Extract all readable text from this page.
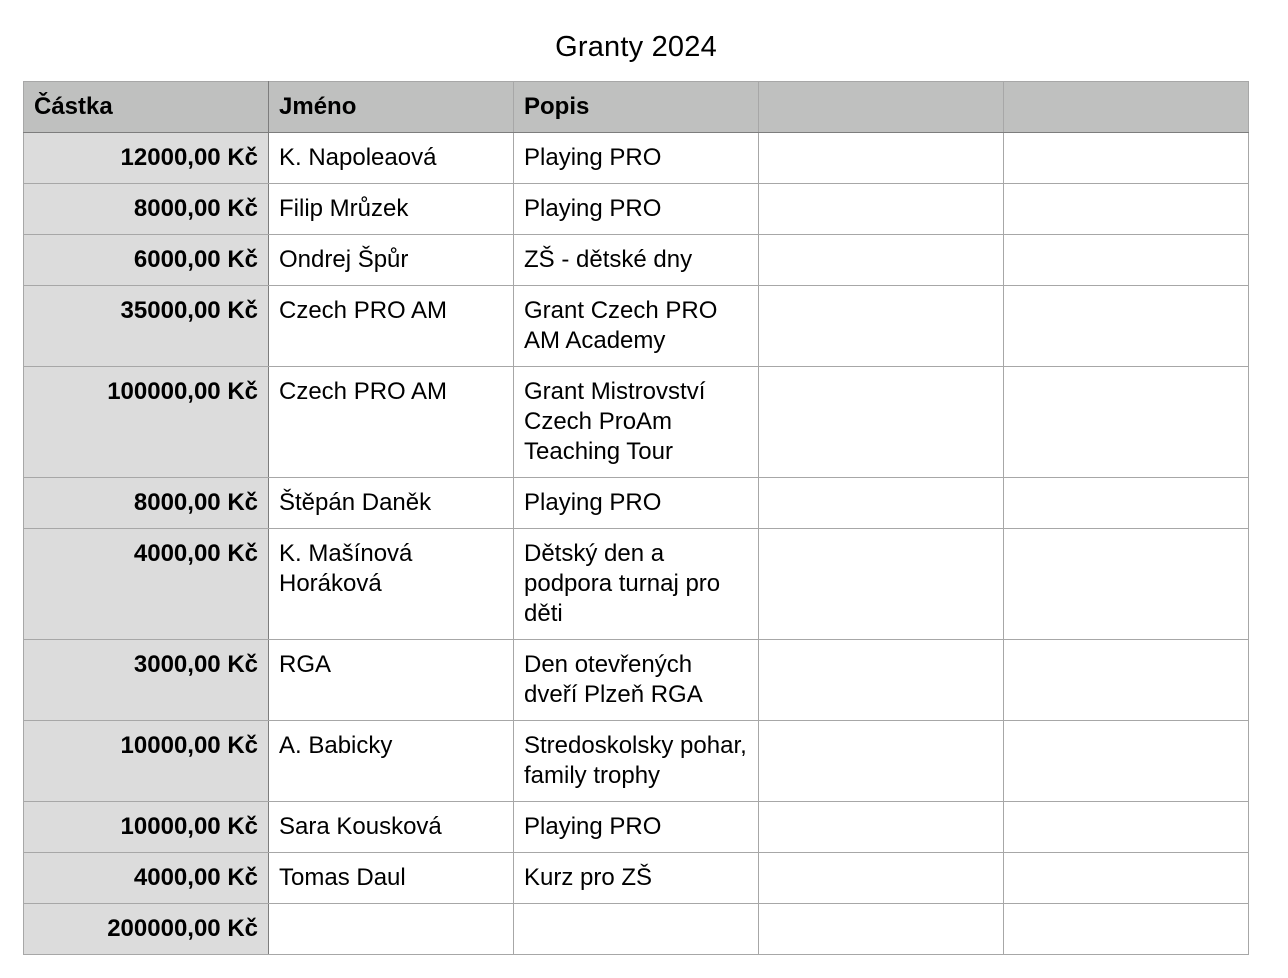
Granty 2024
Částka	Jméno	Popis		
12000,00 Kč	K. Napoleaová	Playing PRO		
8000,00 Kč	Filip Mrůzek	Playing PRO		
6000,00 Kč	Ondrej Špůr	ZŠ - dětské dny		
35000,00 Kč	Czech PRO AM	Grant Czech PRO AM Academy		
100000,00 Kč	Czech PRO AM	Grant Mistrovství Czech ProAm Teaching Tour		
8000,00 Kč	Štěpán Daněk	Playing PRO		
4000,00 Kč	K. Mašínová Horáková	Dětský den a podpora turnaj pro děti		
3000,00 Kč	RGA	Den otevřených dveří Plzeň RGA		
10000,00 Kč	A. Babicky	Stredoskolsky pohar, family trophy		
10000,00 Kč	Sara Kousková	Playing PRO		
4000,00 Kč	Tomas Daul	Kurz pro ZŠ		
200000,00 Kč				
